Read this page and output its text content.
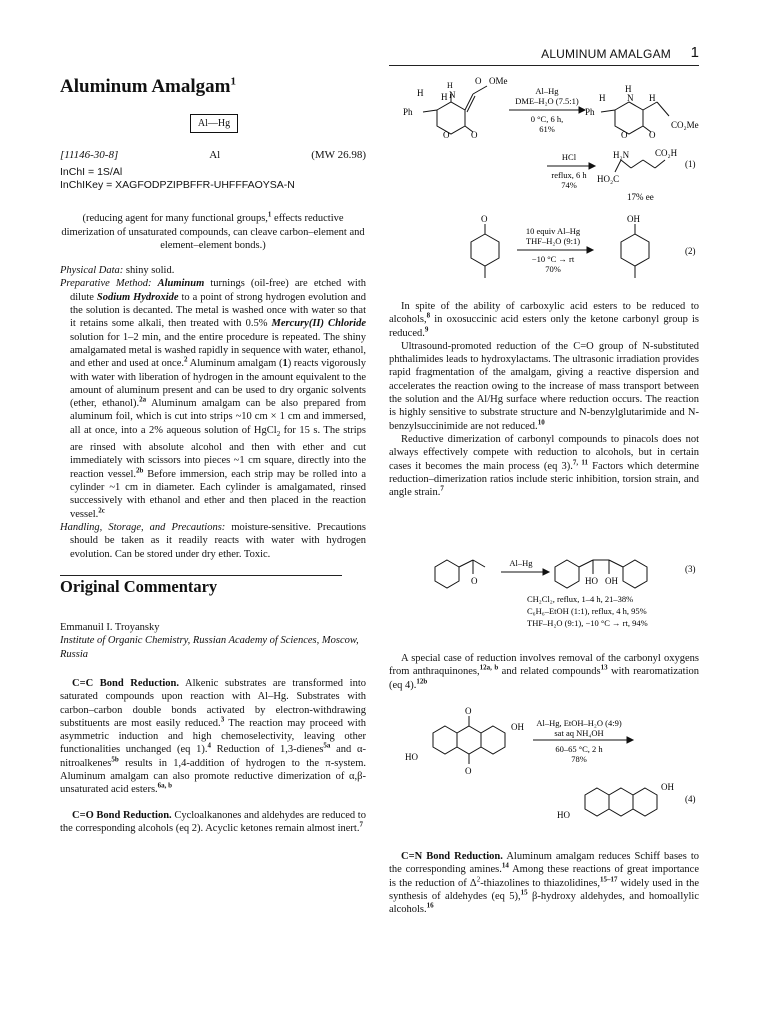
ALUMINUM AMALGAM 1
Aluminum Amalgam$^1$
Al—Hg
[11146-30-8]	Al	(MW 26.98)
InChI = 1S/Al
InChIKey = XAGFODPZIPBFFR-UHFFFAOYSA-N

(reducing agent for many functional groups,$^1$ effects reductive dimerization of unsaturated compounds, can cleave carbon–element and element–element bonds.)

Physical Data: shiny solid.

Preparative Method: Aluminum turnings (oil-free) are etched with dilute Sodium Hydroxide to a point of strong hydrogen evolution and the solution is decanted. The metal is washed once with water so that it retains some alkali, then treated with 0.5% Mercury(II) Chloride solution for 1–2 min, and the entire procedure is repeated. The shiny amalgamated metal is washed rapidly in sequence with water, ethanol, and ether and used at once.$^2$ Aluminum amalgam (1) reacts vigorously with water with liberation of hydrogen in the amount equivalent to the amount of aluminum present and can be used to dry organic solvents (ether, ethanol).$^{2a}$ Aluminum amalgam can be also prepared from aluminum foil, which is cut into strips ~10 cm × 1 cm and immersed, all at once, into a 2% aqueous solution of HgCl$_2$ for 15 s. The strips are rinsed with absolute alcohol and then with ether and cut immediately with scissors into pieces ~1 cm square, directly into the reaction vessel.$^{2b}$ Before immersion, each strip may be rolled into a cylinder ~1 cm in diameter. Each cylinder is amalgamated, rinsed successively with ethanol and ether and then placed in the reaction vessel.$^{2c}$

Handling, Storage, and Precautions: moisture-sensitive. Precautions should be taken as it readily reacts with water with hydrogen evolution. Can be stored under dry ether. Toxic.

Original Commentary

Emmanuil I. Troyansky

Institute of Organic Chemistry, Russian Academy of Sciences, Moscow, Russia

C=C Bond Reduction. Alkenic substrates are transformed into saturated compounds upon reaction with Al–Hg. Substrates with carbon–carbon double bonds activated by electron-withdrawing substituents are most easily reduced.$^3$ The reaction may proceed with asymmetric induction and high chemoselectivity, leaving other functionalities unchanged (eq 1).$^4$ Reduction of 1,3-dienes$^{5a}$ and α-nitroalkenes$^{5b}$ results in 1,4-addition of hydrogen to the π-system. Aluminum amalgam can also promote reductive dimerization of α,β-unsaturated acid esters.$^{6a, b}$

C=O Bond Reduction. Cycloalkanones and aldehydes are reduced to the corresponding alcohols (eq 2). Acyclic ketones remain almost inert.$^7$

H N
H
H
Ph
O OMe
O O
H
N H
H
Ph
CO₂Me
O O
H₂N	CO₂H
HO₂C
(1)
Al–Hg
DME–H₂O (7.5:1)
0 °C, 6 h,
61%
HCl
reflux, 6 h
74%
17% ee
O	OH
10 equiv Al–Hg
THF–H₂O (9:1)
−10 °C → rt
70%
(2)

In spite of the ability of carboxylic acid esters to be reduced to alcohols,$^8$ in oxosuccinic acid esters only the ketone carbonyl group is reduced.$^9$

Ultrasound-promoted reduction of the C=O group of N-substituted phthalimides leads to hydroxylactams. The ultrasonic irradiation provides rapid fragmentation of the amalgam, giving a reactive dispersion and accelerates the reaction owing to the increase of mass transport between the solution and the Al/Hg surface where reduction occurs. The reaction is highly sensitive to substrate structure and N-benzylglutarimide and N-benzylsuccinimide are not reduced.$^{10}$

Reductive dimerization of carbonyl compounds to pinacols does not always effectively compete with reduction to alcohols, but in certain cases it becomes the main process (eq 3).$^{7, 11}$ Factors which determine reduction–dimerization ratios include steric inhibition, torsion strain, and angle strain.$^7$

O	HO OH
Al–Hg
(3)
CH₂Cl₂, reflux, 1–4 h, 21–38%
C₆H₆–EtOH (1:1), reflux, 4 h, 95%
THF–H₂O (9:1), −10 °C → rt, 94%

A special case of reduction involves removal of the carbonyl oxygens from anthraquinones,$^{12a, b}$ and related compounds$^{13}$ with rearomatization (eq 4).$^{12b}$

O
O
OH
HO
OH
HO
Al–Hg, EtOH–H₂O (4:9)
sat aq NH₄OH
60–65 °C, 2 h
78%
(4)

C=N Bond Reduction. Aluminum amalgam reduces Schiff bases to the corresponding amines.$^{14}$ Among these reactions of great importance is the reduction of $\Delta^2$-thiazolines to thiazolidines,$^{15-17}$ widely used in the synthesis of aldehydes (eq 5),$^{15}$ β-hydroxy aldehydes, and homoallylic alcohols.$^{16}$
